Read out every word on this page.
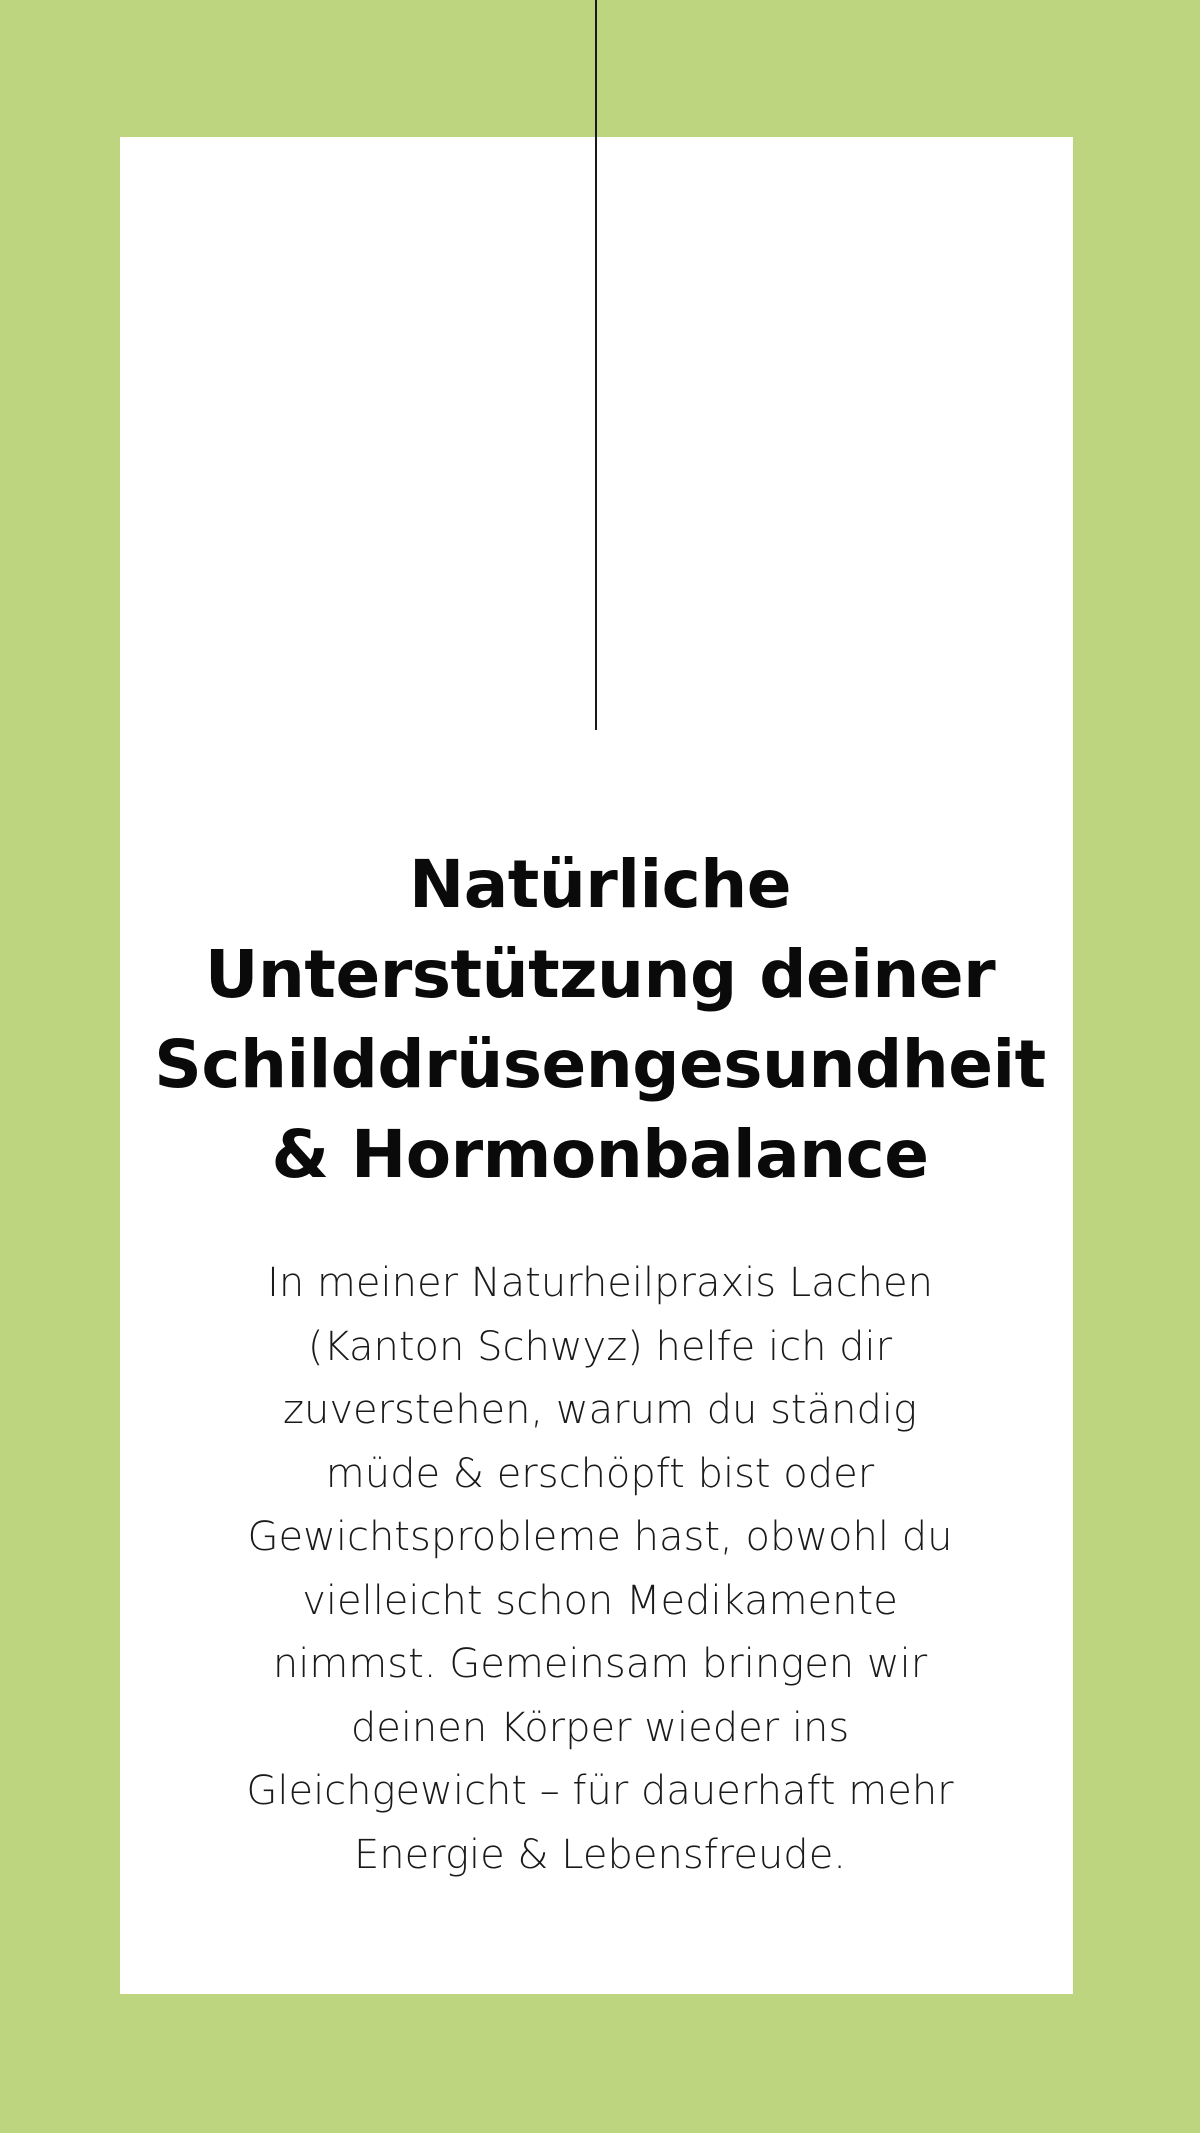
Natürliche Unterstützung deiner Schilddrüsengesundheit & Hormonbalance

In meiner Naturheilpraxis Lachen (Kanton Schwyz) helfe ich dir zuverstehen, warum du ständig müde & erschöpft bist oder Gewichtsprobleme hast, obwohl du vielleicht schon Medikamente nimmst. Gemeinsam bringen wir deinen Körper wieder ins Gleichgewicht – für dauerhaft mehr Energie & Lebensfreude.
